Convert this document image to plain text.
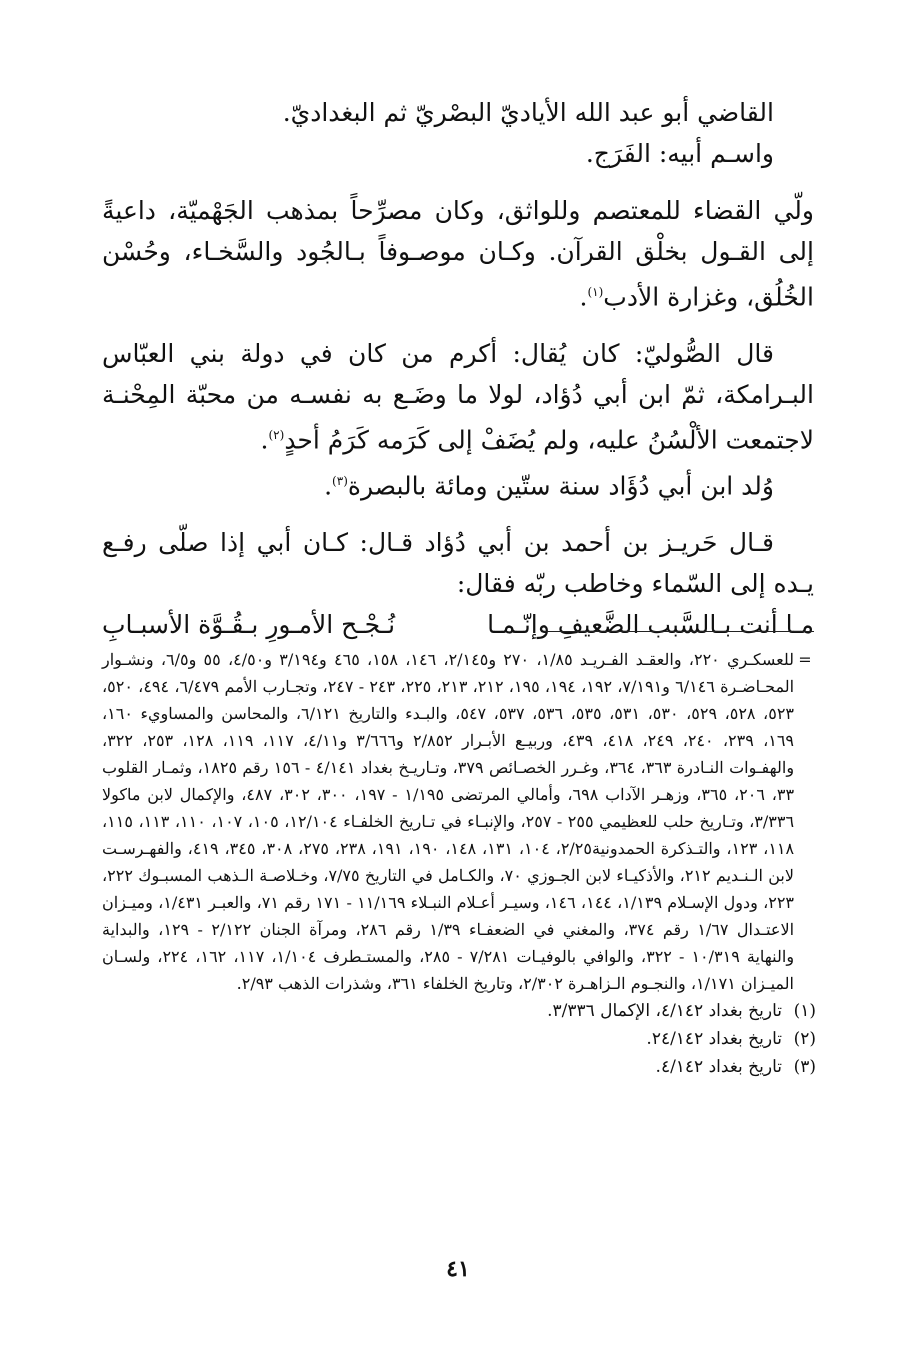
القاضي أبو عبد الله الأياديّ البصْريّ ثم البغداديّ.

واسـم أبيه: الفَرَج.

ولّي القضاء للمعتصم وللواثق، وكان مصرِّحاً بمذهب الجَهْميّة، داعيةً إلى القـول بخلْق القرآن. وكـان موصـوفاً بـالجُود والسَّخـاء، وحُسْن الخُلُق، وغزارة الأدب$^{(١)}$.

قال الصُّوليّ: كان يُقال: أكرم من كان في دولة بني العبّاس البـرامكة، ثمّ ابن أبي دُؤاد، لولا ما وضَـع به نفسـه من محبّة المِحْنـة لاجتمعت الألْسُنُ عليه، ولم يُضَفْ إلى كَرَمه كَرَمُ أحدٍ$^{(٢)}$.

وُلد ابن أبي دُؤَاد سنة ستّين ومائة بالبصرة$^{(٣)}$.

قـال حَريـز بن أحمد بن أبي دُؤاد قـال: كـان أبي إذا صلّى رفـع يـده إلى السّماء وخاطب ربّه فقال:

مـا أنت بـالسَّبب الضَّعيفِ وإنّـمـا
نُـجْـح الأمـورِ بـقُـوَّة الأسبـابِ
=
للعسكـري ٢٢٠، والعقـد الفـريـد ١/٨٥، ٢٧٠ و٢/١٤٥، ١٤٦، ١٥٨، ٤٦٥ و٣/١٩٤ و٤/٥٠، ٥٥ و٦/٥، ونشـوار المحـاضـرة ٦/١٤٦ و٧/١٩١، ١٩٢، ١٩٤، ١٩٥، ٢١٢، ٢١٣، ٢٢٥، ٢٤٣ - ٢٤٧، وتجـارب الأمم ٦/٤٧٩، ٤٩٤، ٥٢٠، ٥٢٣، ٥٢٨، ٥٢٩، ٥٣٠، ٥٣١، ٥٣٥، ٥٣٦، ٥٣٧، ٥٤٧، والبـدء والتاريخ ٦/١٢١، والمحاسن والمساويء ١٦٠، ١٦٩، ٢٣٩، ٢٤٠، ٢٤٩، ٤١٨، ٤٣٩، وربيـع الأبـرار ٢/٨٥٢ و٣/٦٦٦ و٤/١١، ١١٧، ١١٩، ١٢٨، ٢٥٣، ٣٢٢، والهفـوات النـادرة ٣٦٣، ٣٦٤، وغـرر الخصـائص ٣٧٩، وتـاريـخ بغداد ٤/١٤١ - ١٥٦ رقم ١٨٢٥، وثمـار القلوب ٣٣، ٢٠٦، ٣٦٥، وزهـر الآداب ٦٩٨، وأمالي المرتضى ١/١٩٥ - ١٩٧، ٣٠٠، ٣٠٢، ٤٨٧، والإكمال لابن ماكولا ٣/٣٣٦، وتـاريخ حلب للعظيمي ٢٥٥ - ٢٥٧، والإنبـاء في تـاريخ الخلفـاء ١٢/١٠٤، ١٠٥، ١٠٧، ١١٠، ١١٣، ١١٥، ١١٨، ١٢٣، والتـذكرة الحمدونية٢/٢٥، ١٠٤، ١٣١، ١٤٨، ١٩٠، ١٩١، ٢٣٨، ٢٧٥، ٣٠٨، ٣٤٥، ٤١٩، والفهـرسـت لابن الـنـديم ٢١٢، والأذكيـاء لابن الجـوزي ٧٠، والكـامل في التاريخ ٧/٧٥، وخـلاصـة الـذهب المسبـوك ٢٢٢، ٢٢٣، ودول الإسـلام ١/١٣٩، ١٤٤، ١٤٦، وسيـر أعـلام النبـلاء ١١/١٦٩ - ١٧١ رقم ٧١، والعبـر ١/٤٣١، وميـزان الاعتـدال ١/٦٧ رقم ٣٧٤، والمغني في الضعفـاء ١/٣٩ رقم ٢٨٦، ومرآة الجنان ٢/١٢٢ - ١٢٩، والبداية والنهاية ١٠/٣١٩ - ٣٢٢، والوافي بالوفيـات ٧/٢٨١ - ٢٨٥، والمستـطرف ١/١٠٤، ١١٧، ١٦٢، ٢٢٤، ولسـان الميـزان ١/١٧١، والنجـوم الـزاهـرة ٢/٣٠٢، وتاريخ الخلفاء ٣٦١، وشذرات الذهب ٢/٩٣.
(١)
تاريخ بغداد ٤/١٤٢، الإكمال ٣/٣٣٦.
(٢)
تاريخ بغداد ٢٤/١٤٢.
(٣)
تاريخ بغداد ٤/١٤٢.
٤١
